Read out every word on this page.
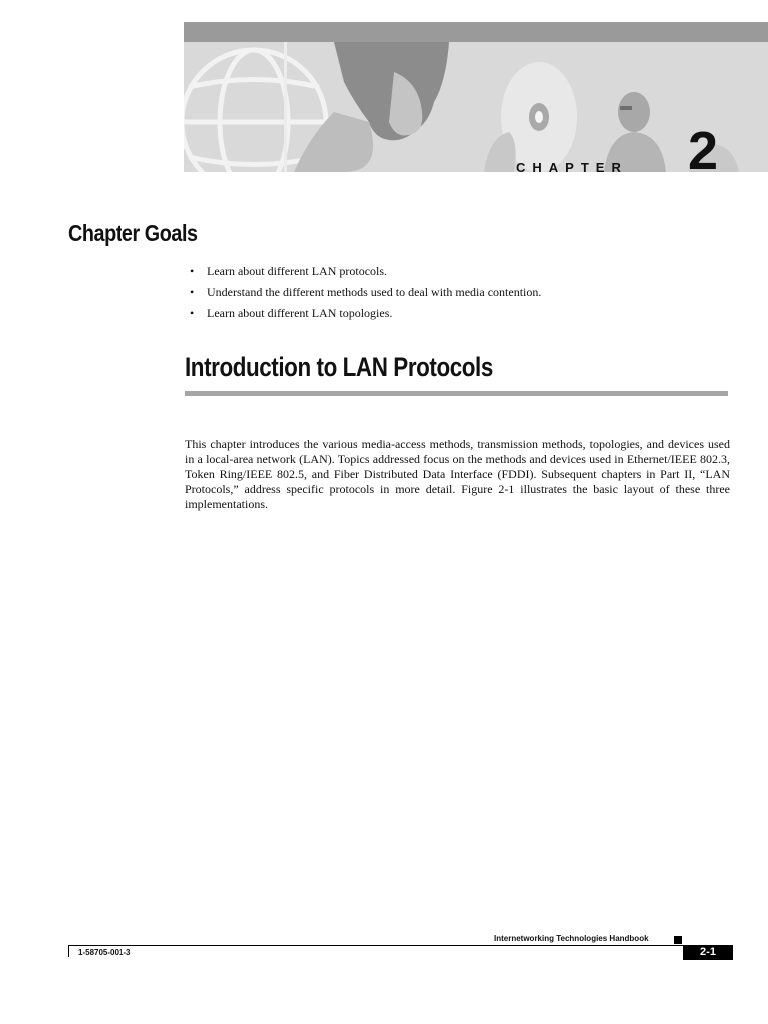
CHAPTER 2
Chapter Goals
• Learn about different LAN protocols.
• Understand the different methods used to deal with media contention.
• Learn about different LAN topologies.
Introduction to LAN Protocols

This chapter introduces the various media-access methods, transmission methods, topologies, and devices used in a local-area network (LAN). Topics addressed focus on the methods and devices used in Ethernet/IEEE 802.3, Token Ring/IEEE 802.5, and Fiber Distributed Data Interface (FDDI). Subsequent chapters in Part II, “LAN Protocols,” address specific protocols in more detail. Figure 2-1 illustrates the basic layout of these three implementations.

Internetworking Technologies Handbook
1-58705-001-3	2-1
